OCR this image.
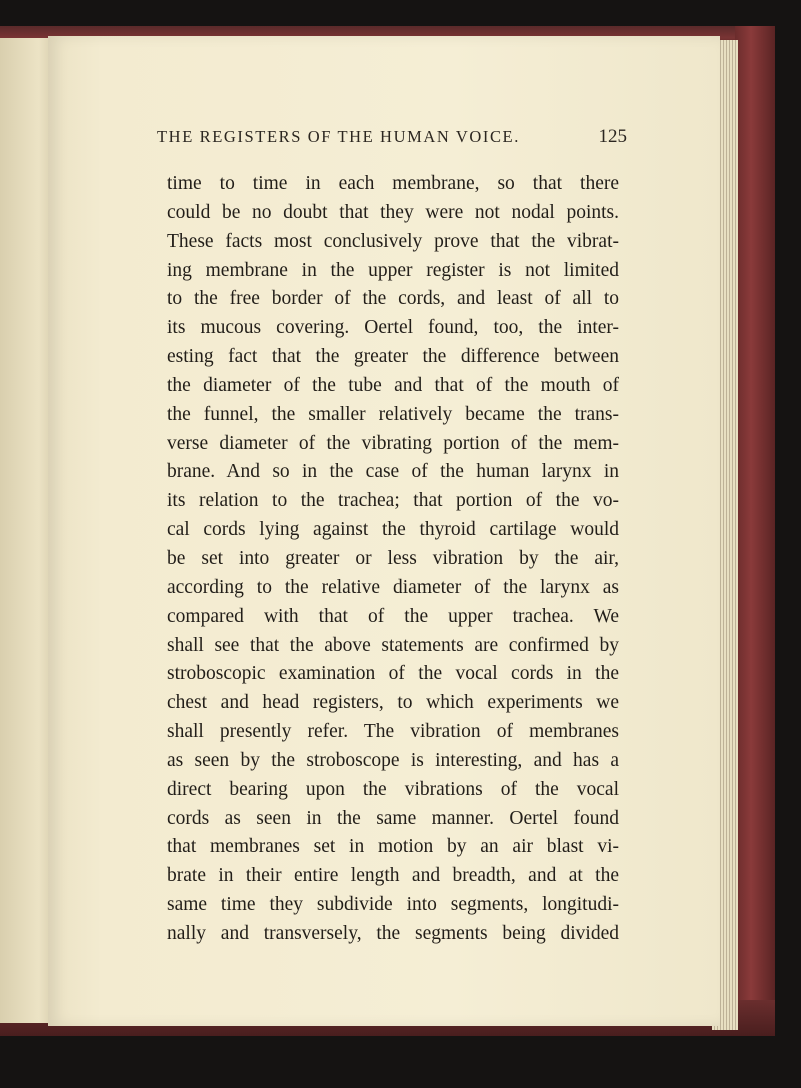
THE REGISTERS OF THE HUMAN VOICE.	125
time to time in each membrane, so that there
could be no doubt that they were not nodal points.
These facts most conclusively prove that the vibrat-
ing membrane in the upper register is not limited
to the free border of the cords, and least of all to
its mucous covering. Oertel found, too, the inter-
esting fact that the greater the difference between
the diameter of the tube and that of the mouth of
the funnel, the smaller relatively became the trans-
verse diameter of the vibrating portion of the mem-
brane. And so in the case of the human larynx in
its relation to the trachea; that portion of the vo-
cal cords lying against the thyroid cartilage would
be set into greater or less vibration by the air,
according to the relative diameter of the larynx as
compared with that of the upper trachea. We
shall see that the above statements are confirmed by
stroboscopic examination of the vocal cords in the
chest and head registers, to which experiments we
shall presently refer. The vibration of membranes
as seen by the stroboscope is interesting, and has a
direct bearing upon the vibrations of the vocal
cords as seen in the same manner. Oertel found
that membranes set in motion by an air blast vi-
brate in their entire length and breadth, and at the
same time they subdivide into segments, longitudi-
nally and transversely, the segments being divided
